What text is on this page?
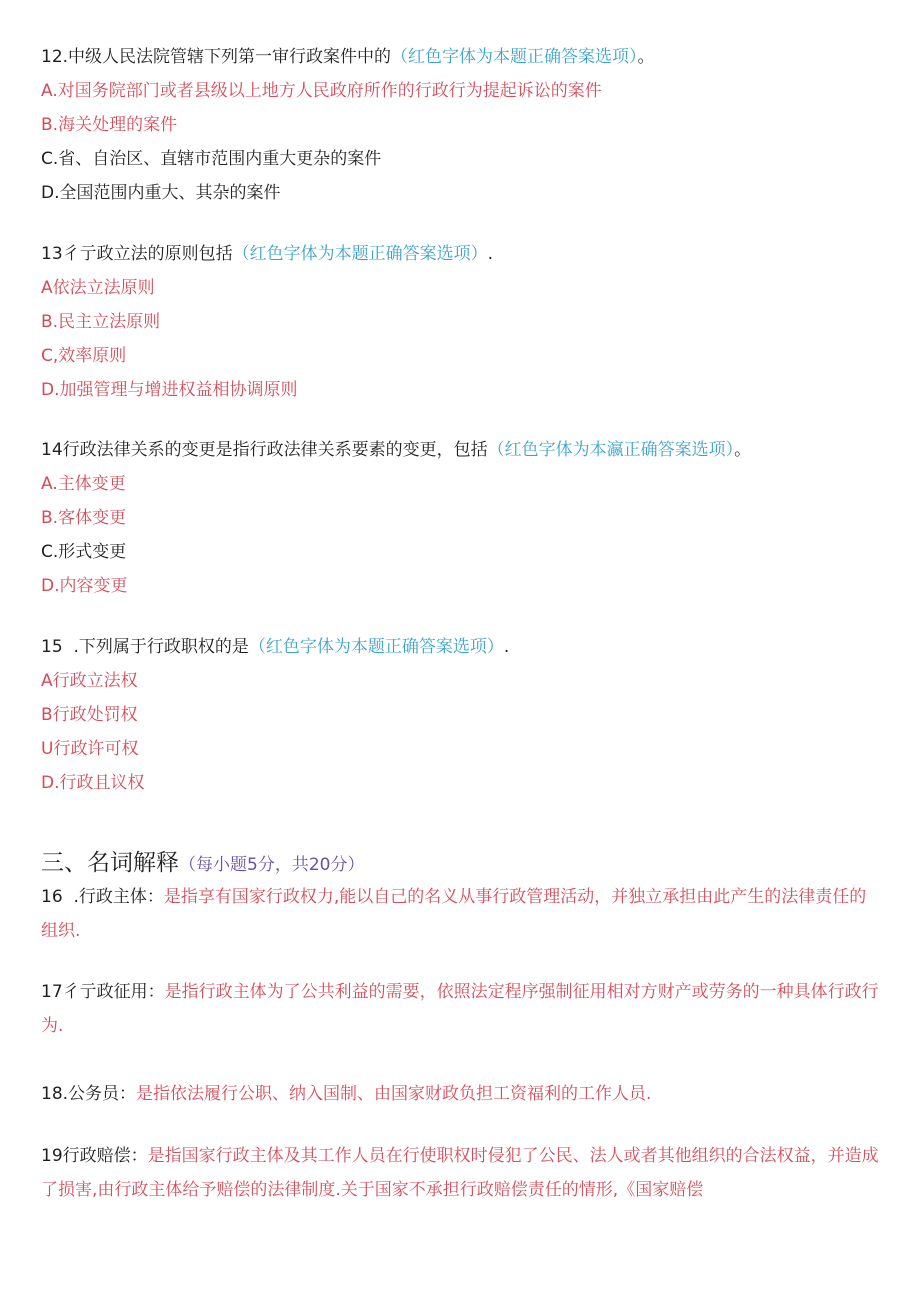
12.中级人民法院管辖下列第一审行政案件中的（红色字体为本题正确答案选项）。
A.对国务院部门或者县级以上地方人民政府所作的行政行为提起诉讼的案件
B.海关处理的案件
C.省、自治区、直辖市范围内重大更杂的案件
D.全国范围内重大、其杂的案件
13彳亍政立法的原则包括（红色字体为本题正确答案选项）.
A依法立法原则
B.民主立法原则
C,效率原则
D.加强管理与增进权益相协调原则
14行政法律关系的变更是指行政法律关系要素的变更，包括（红色字体为本瀛正确答案选项）。
A.主体变更
B.客体变更
C.形式变更
D.内容变更
15  .下列属于行政职权的是（红色字体为本题正确答案选项）.
A行政立法权
B行政处罚权
U行政许可权
D.行政且议权
三、名词解释（每小题5分，共20分）
16  .行政主体：是指享有国家行政权力,能以自己的名义从事行政管理活动，并独立承担由此产生的法律责任的组织.
17彳亍政征用：是指行政主体为了公共利益的需要，依照法定程序强制征用相对方财产或劳务的一种具体行政行为.
18.公务员：是指依法履行公职、纳入国制、由国家财政负担工资福利的工作人员.
19行政赔偿：是指国家行政主体及其工作人员在行使职权时侵犯了公民、法人或者其他组织的合法权益，并造成了损害,由行政主体给予赔偿的法律制度.关于国家不承担行政赔偿责任的情形,《国家赔偿
